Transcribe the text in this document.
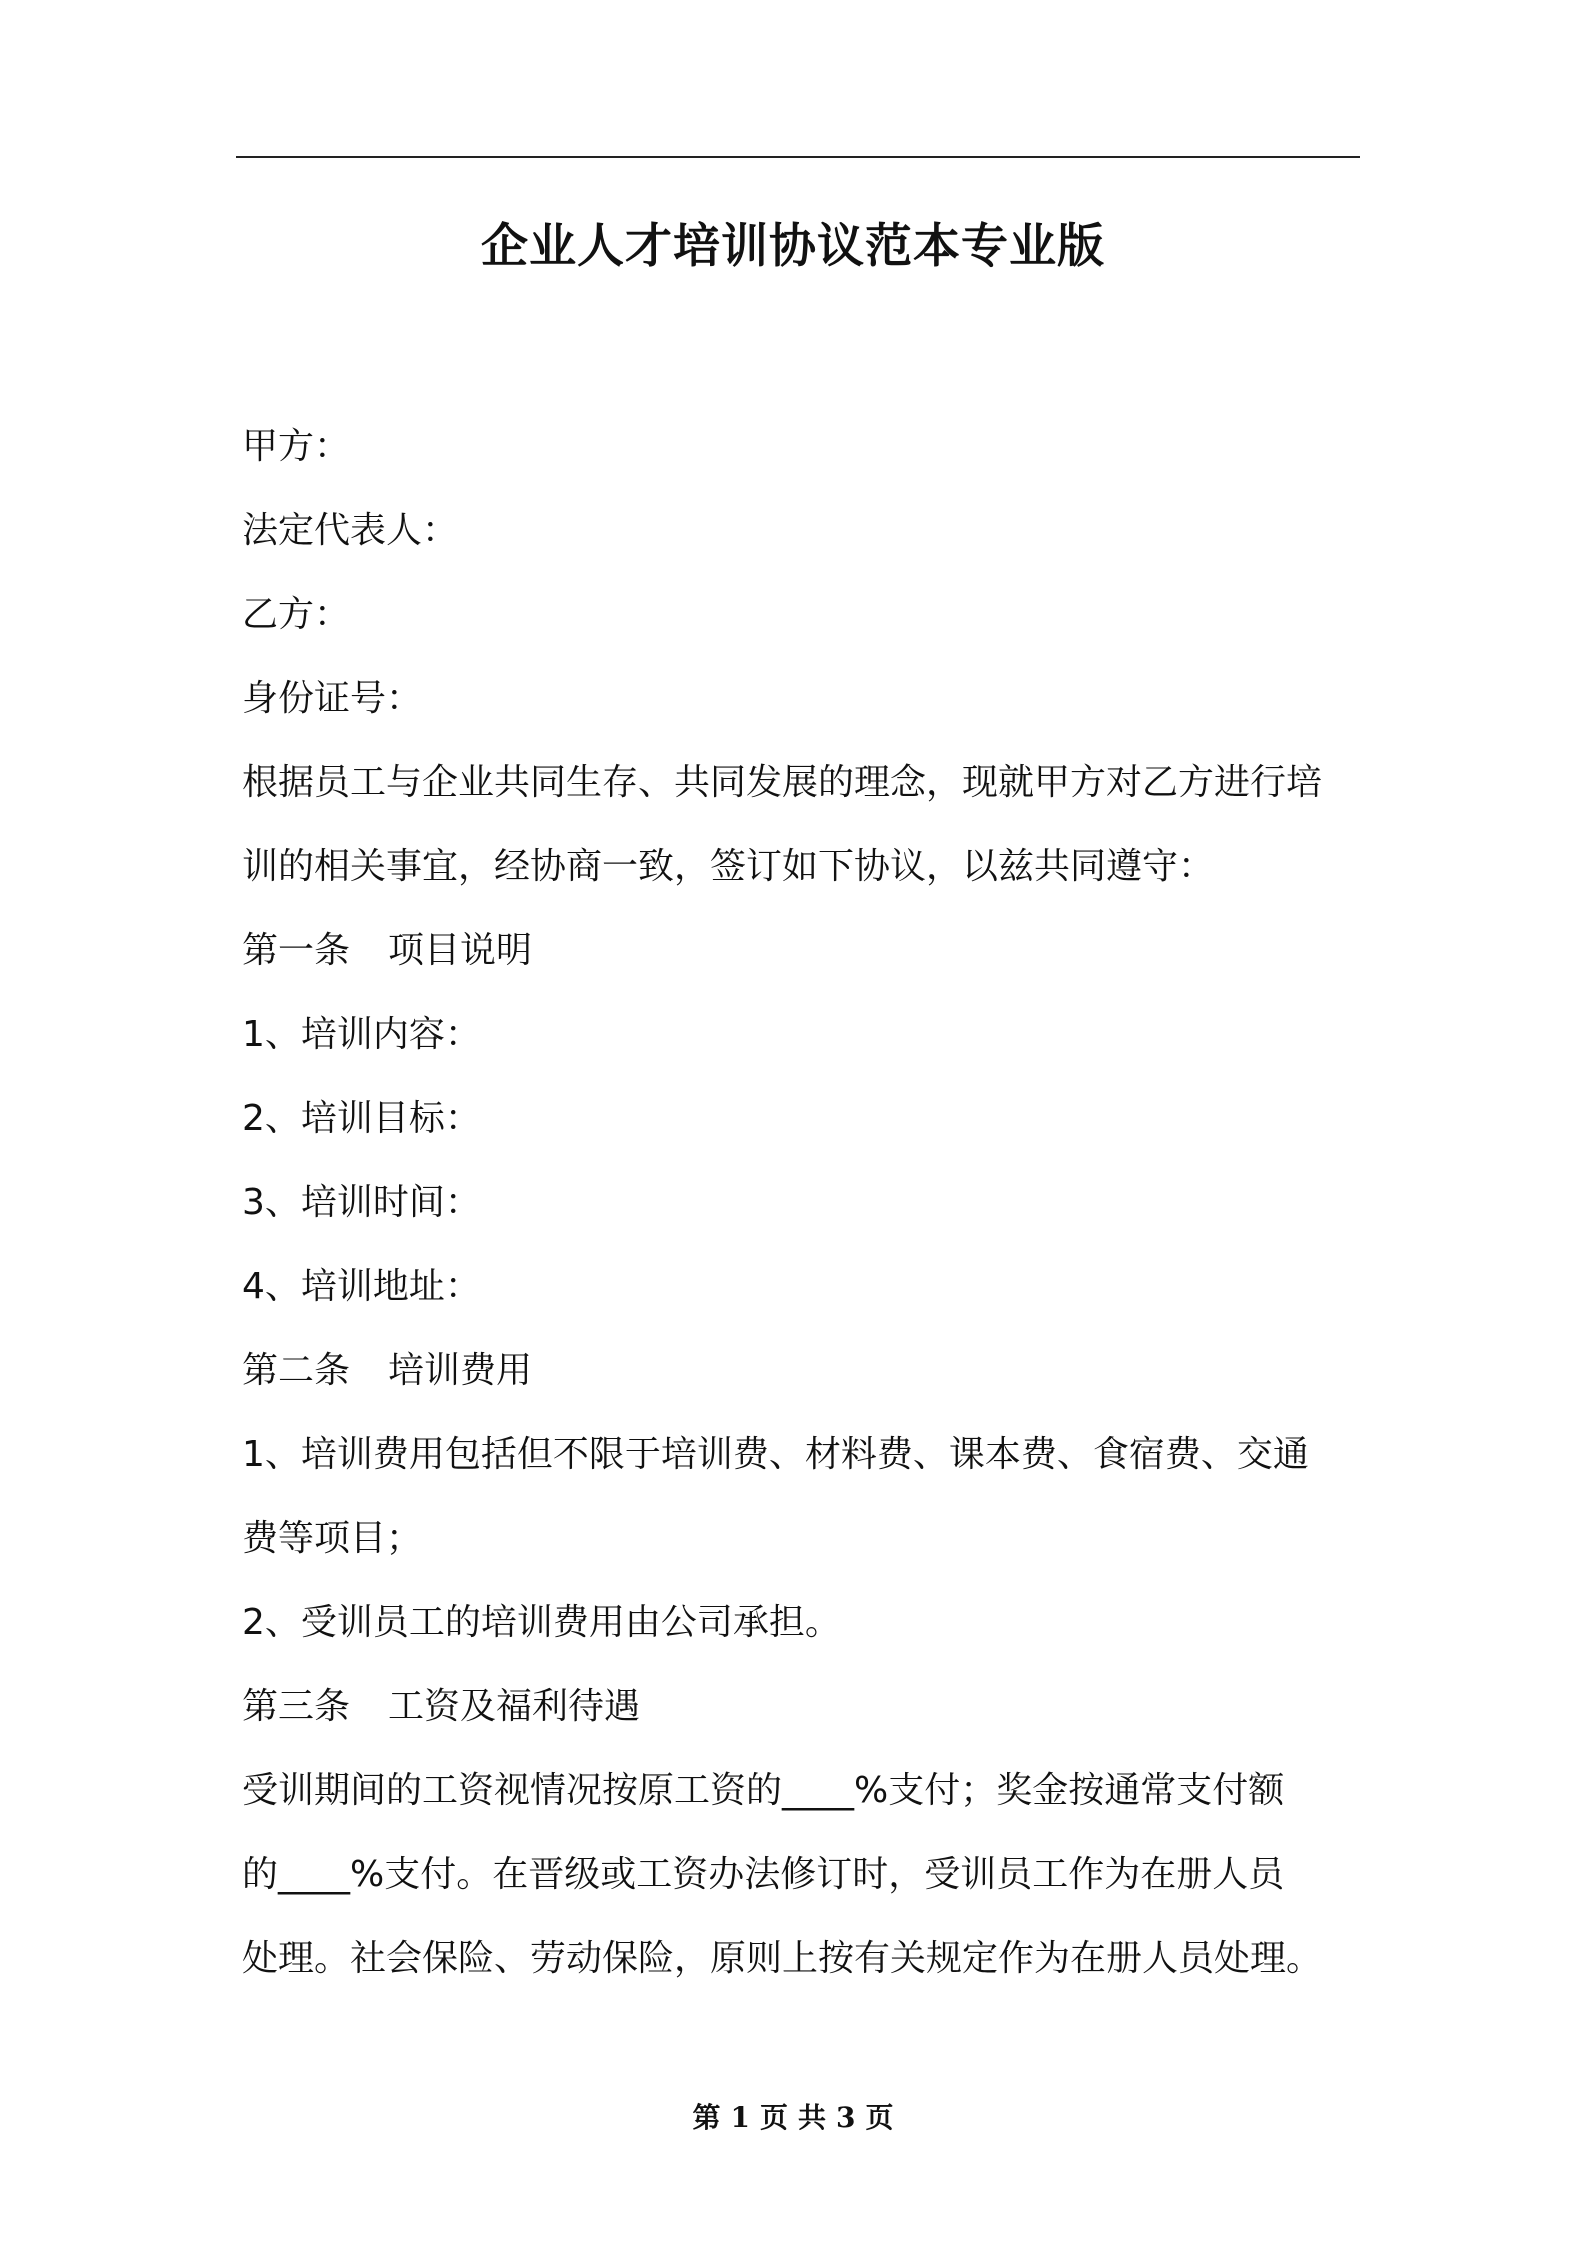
企业人才培训协议范本专业版
甲方：
法定代表人：
乙方：
身份证号：
根据员工与企业共同生存、共同发展的理念，现就甲方对乙方进行培
训的相关事宜，经协商一致，签订如下协议，以兹共同遵守：
第一条 项目说明
1、培训内容：
2、培训目标：
3、培训时间：
4、培训地址：
第二条 培训费用
1、培训费用包括但不限于培训费、材料费、课本费、食宿费、交通
费等项目；
2、受训员工的培训费用由公司承担。
第三条 工资及福利待遇
受训期间的工资视情况按原工资的____%支付；奖金按通常支付额
的____%支付。在晋级或工资办法修订时，受训员工作为在册人员
处理。社会保险、劳动保险，原则上按有关规定作为在册人员处理。
第 1 页 共 3 页
